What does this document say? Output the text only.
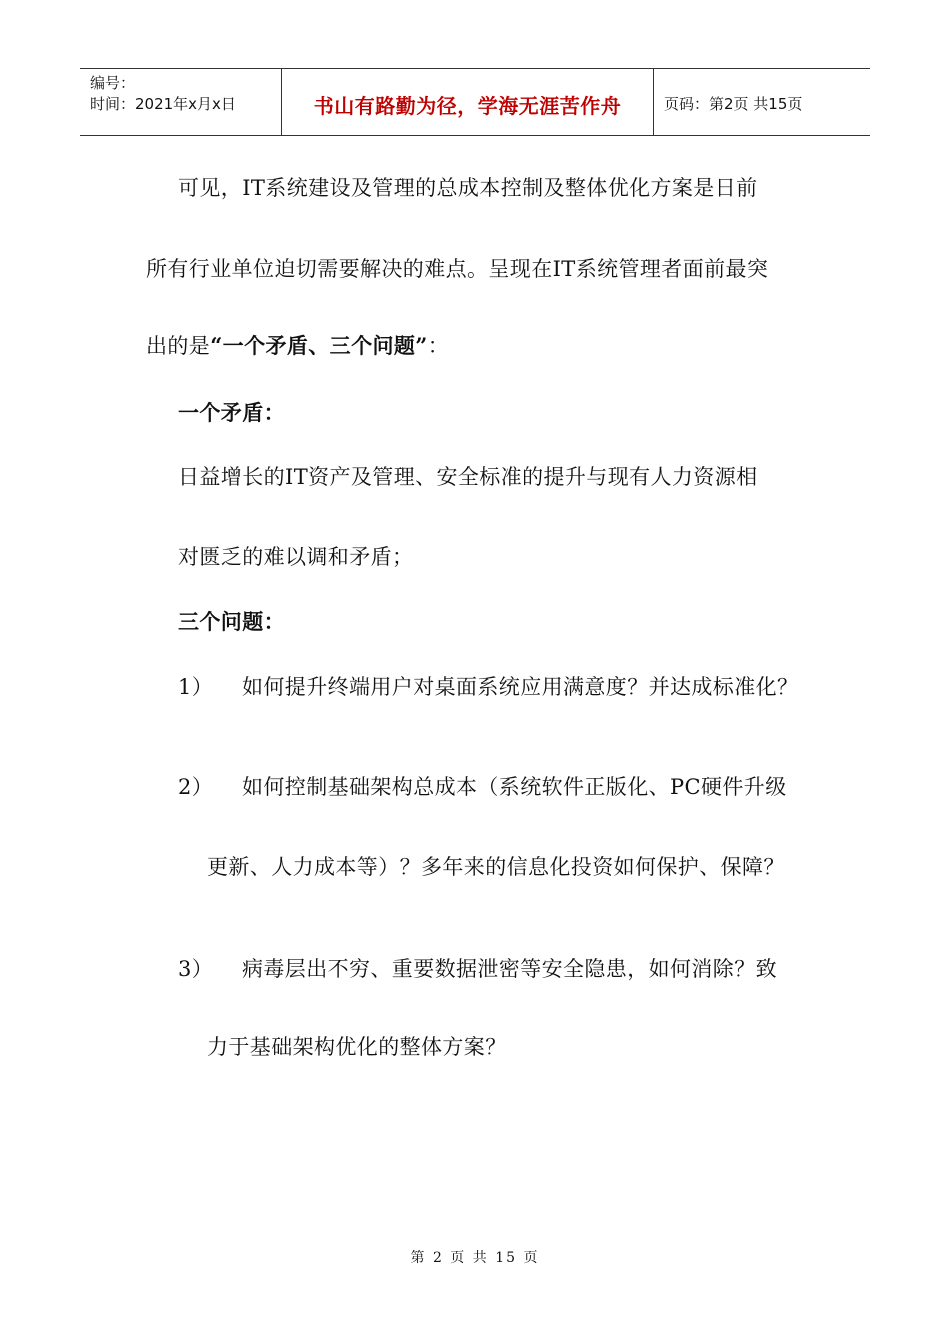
编号：
时间：2021年x月x日	书山有路勤为径，学海无涯苦作舟	页码：第2页 共15页
可见，IT系统建设及管理的总成本控制及整体优化方案是日前
所有行业单位迫切需要解决的难点。呈现在IT系统管理者面前最突
出的是“一个矛盾、三个问题”：
一个矛盾：
日益增长的IT资产及管理、安全标准的提升与现有人力资源相
对匮乏的难以调和矛盾；
三个问题：
1） 如何提升终端用户对桌面系统应用满意度？并达成标准化？
2） 如何控制基础架构总成本（系统软件正版化、PC硬件升级
更新、人力成本等）？多年来的信息化投资如何保护、保障？
3） 病毒层出不穷、重要数据泄密等安全隐患，如何消除？致
力于基础架构优化的整体方案？
第 2 页 共 15 页
